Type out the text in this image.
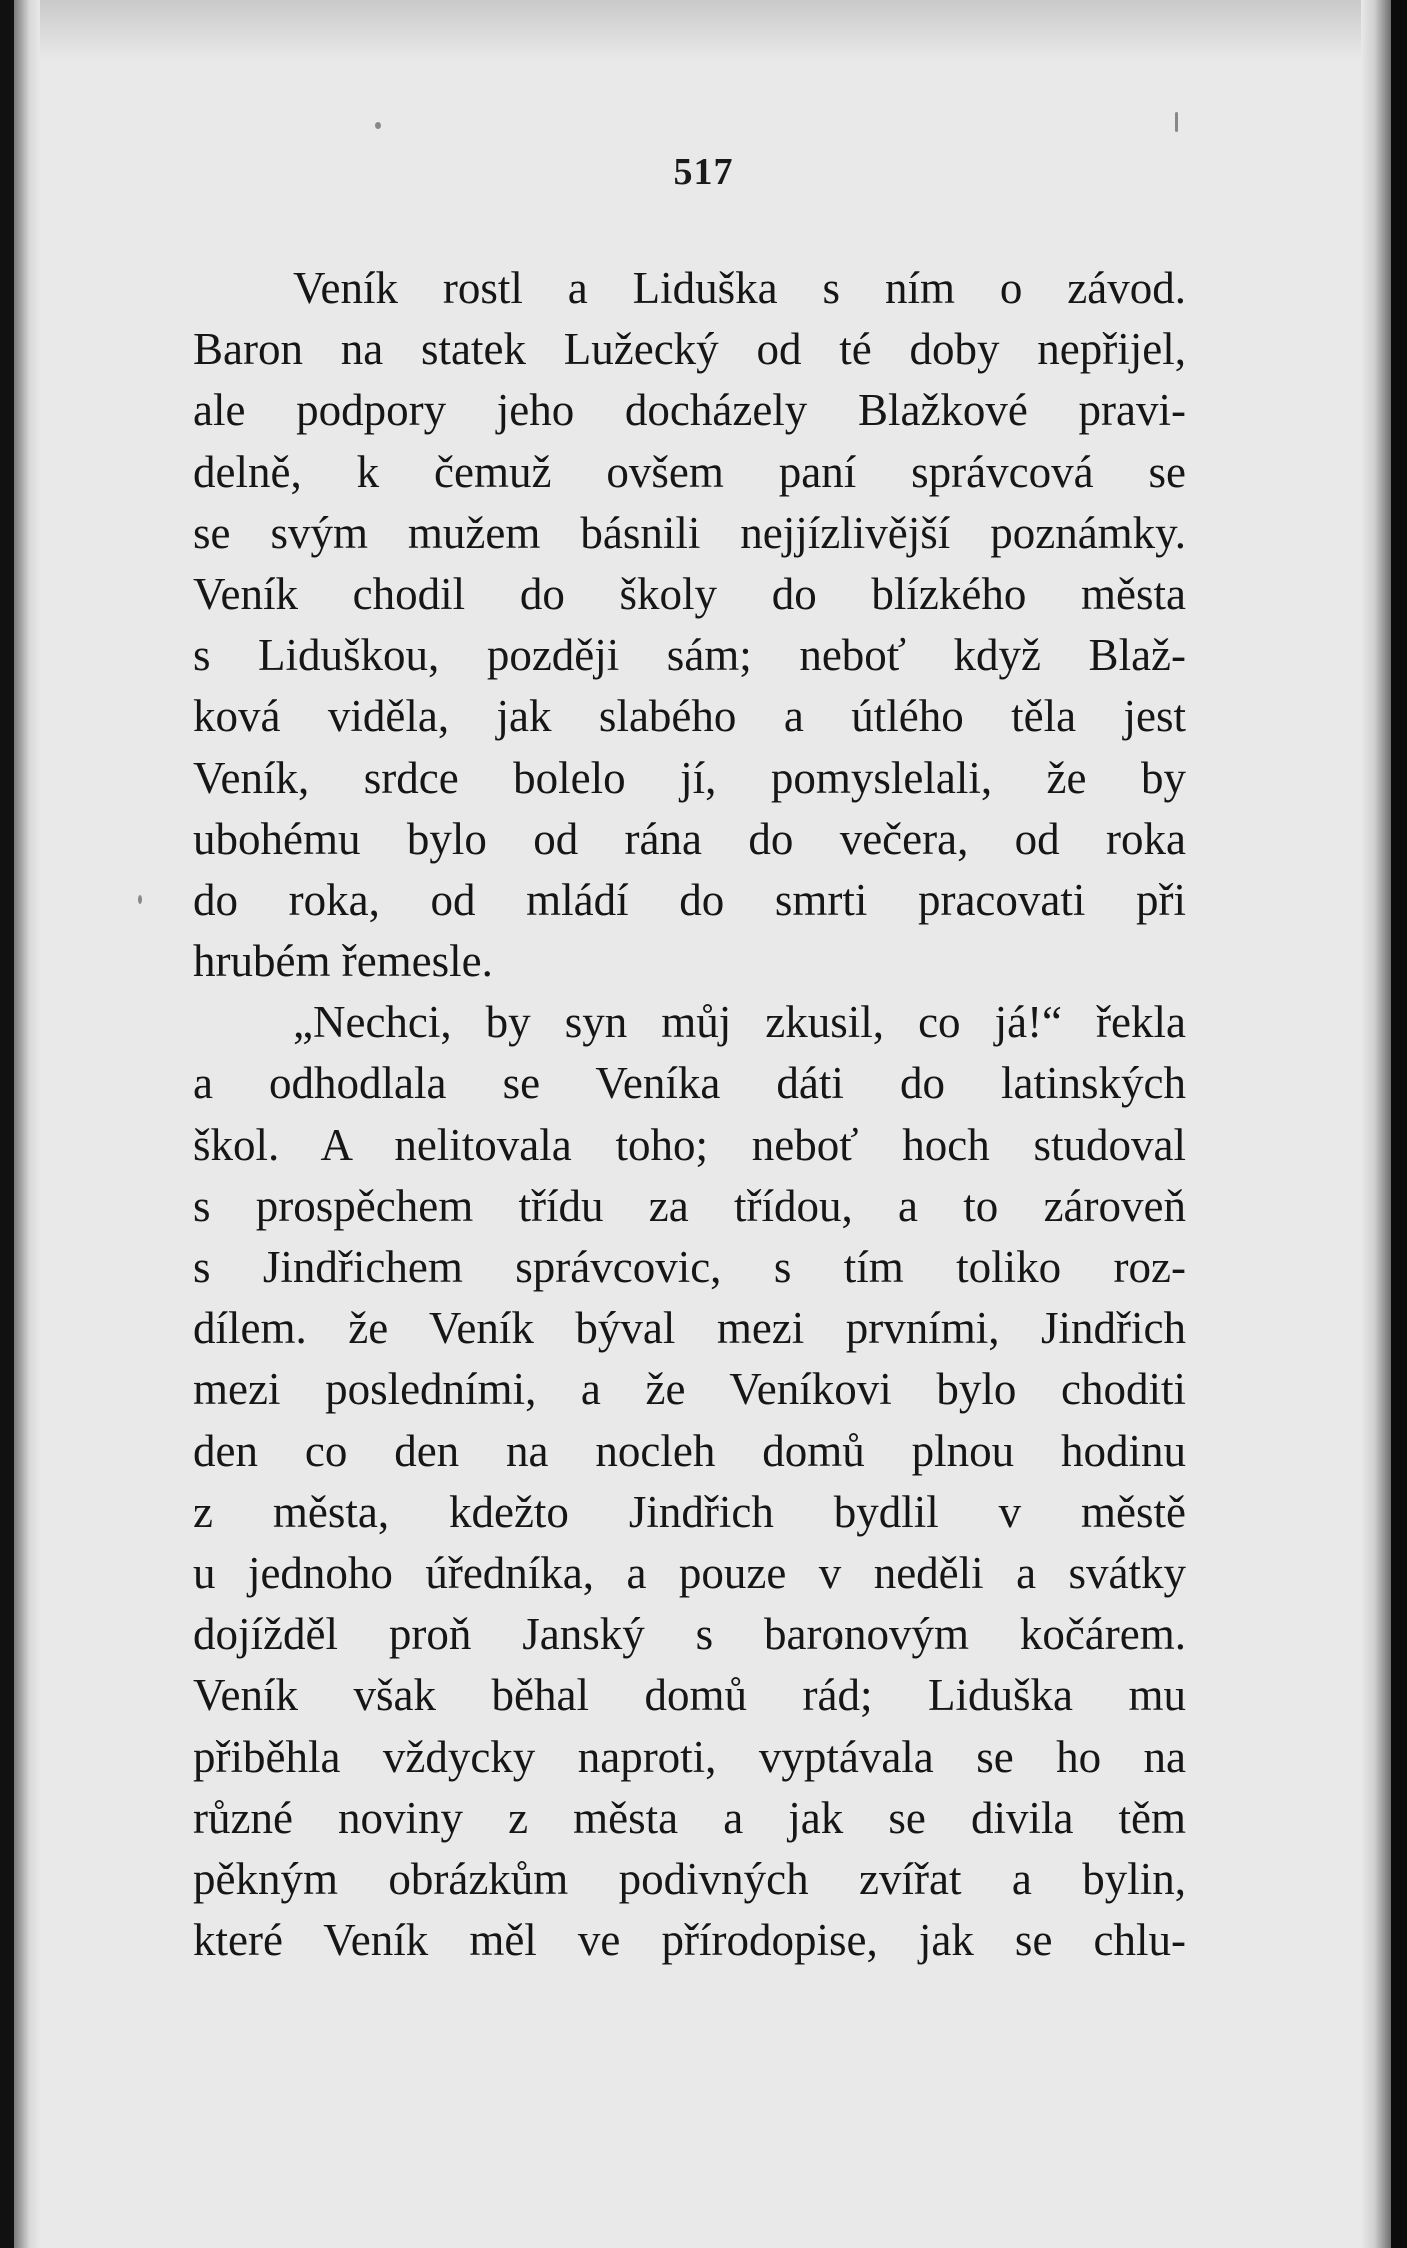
517
Veník rostl a Liduška s ním o závod.
Baron na statek Lužecký od té doby nepřijel,
ale podpory jeho docházely Blažkové pravi-
delně, k čemuž ovšem paní správcová se
se svým mužem básnili nejjízlivější poznámky.
Veník chodil do školy do blízkého města
s Liduškou, později sám; neboť když Blaž-
ková viděla, jak slabého a útlého těla jest
Veník, srdce bolelo jí, pomyslelali, že by
ubohému bylo od rána do večera, od roka
do roka, od mládí do smrti pracovati při
hrubém řemesle.
„Nechci, by syn můj zkusil, co já!“ řekla
a odhodlala se Veníka dáti do latinských
škol. A nelitovala toho; neboť hoch studoval
s prospěchem třídu za třídou, a to zároveň
s Jindřichem správcovic, s tím toliko roz-
dílem. že Veník býval mezi prvními, Jindřich
mezi posledními, a že Veníkovi bylo choditi
den co den na nocleh domů plnou hodinu
z města, kdežto Jindřich bydlil v městě
u jednoho úředníka, a pouze v neděli a svátky
dojížděl proň Janský s baronovým kočárem.
Veník však běhal domů rád; Liduška mu
přiběhla vždycky naproti, vyptávala se ho na
různé noviny z města a jak se divila těm
pěkným obrázkům podivných zvířat a bylin,
které Veník měl ve přírodopise, jak se chlu-
